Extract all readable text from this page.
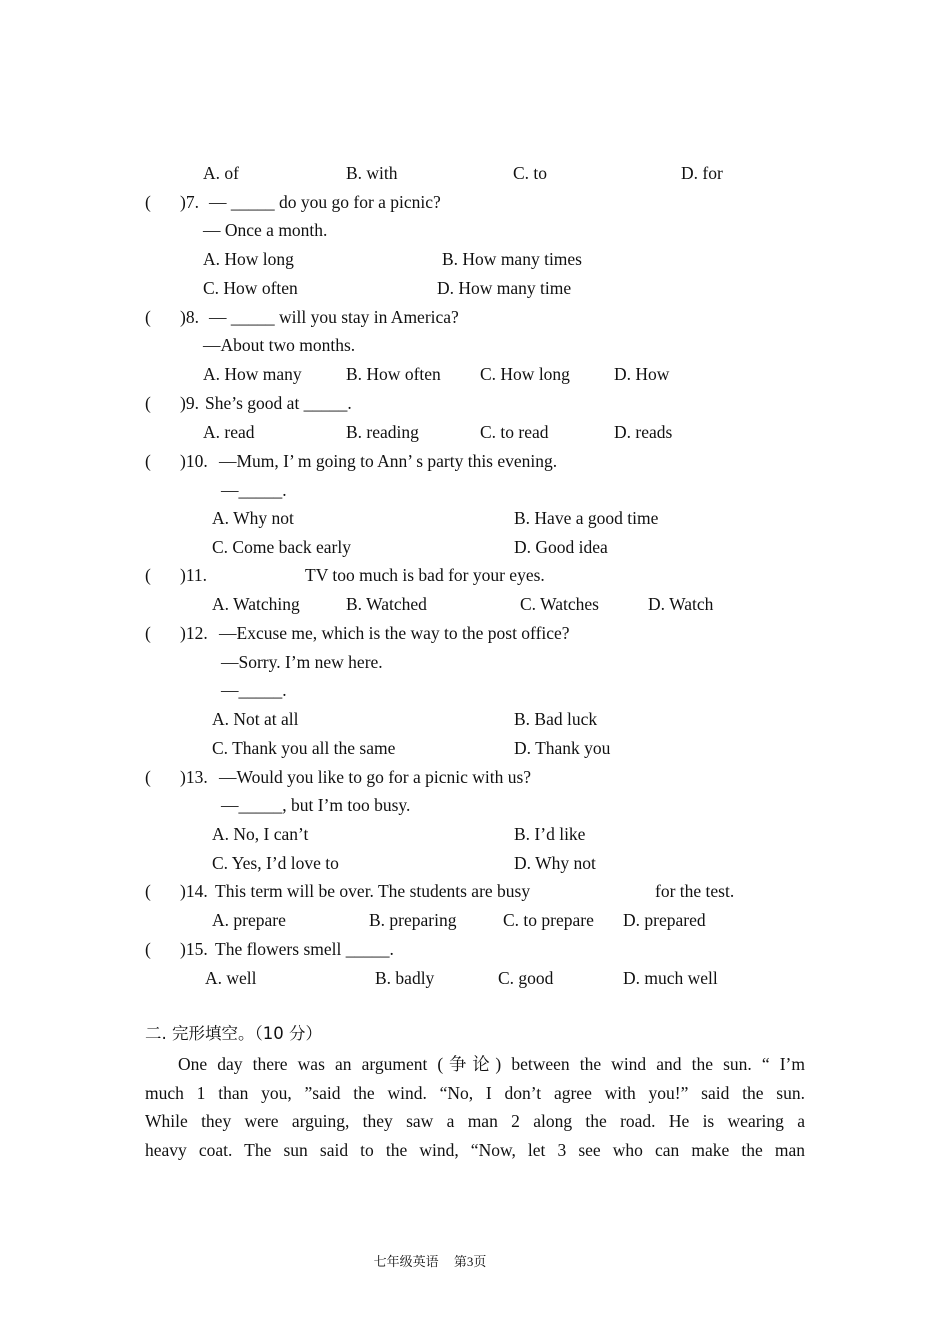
A. of	B. with	C. to	D. for
( )7. — _____ do you go for a picnic?
— Once a month.
A. How long	B. How many times
C. How often	D. How many time
( )8. — _____ will you stay in America?
—About two months.
A. How many	B. How often C. How long	D. How
( )9. She’s good at _____.
A. read	B. reading	C. to read	D. reads
( )10. —Mum, I’ m going to Ann’ s party this evening.
—_____.
A. Why not	B. Have a good time
C. Come back early	D. Good idea
( )11.	TV too much is bad for your eyes.
A. Watching	B. Watched	C. Watches	D. Watch
( )12. —Excuse me, which is the way to the post office?
—Sorry. I’m new here.
—_____.
A. Not at all	B. Bad luck
C. Thank you all the same	D. Thank you
( )13. —Would you like to go for a picnic with us?
—_____, but I’m too busy.
A. No, I can’t	B. I’d like
C. Yes, I’d love to	D. Why not
( )14. This term will be over. The students are busy	for the test.
A. prepare	B. preparing	C. to prepare D. prepared
( )15. The flowers smell _____.
A. well	B. badly	C. good	D. much well
二. 完形填空。（10 分）
One day there was an argument (争论) between the wind and the sun. “ I’m
much 1 than you, ”said the wind. “No, I don’t agree with you!” said the sun.
While they were arguing, they saw a man 2 along the road. He is wearing a
heavy coat. The sun said to the wind, “Now, let 3 see who can make the man
七年级英语 第3页
